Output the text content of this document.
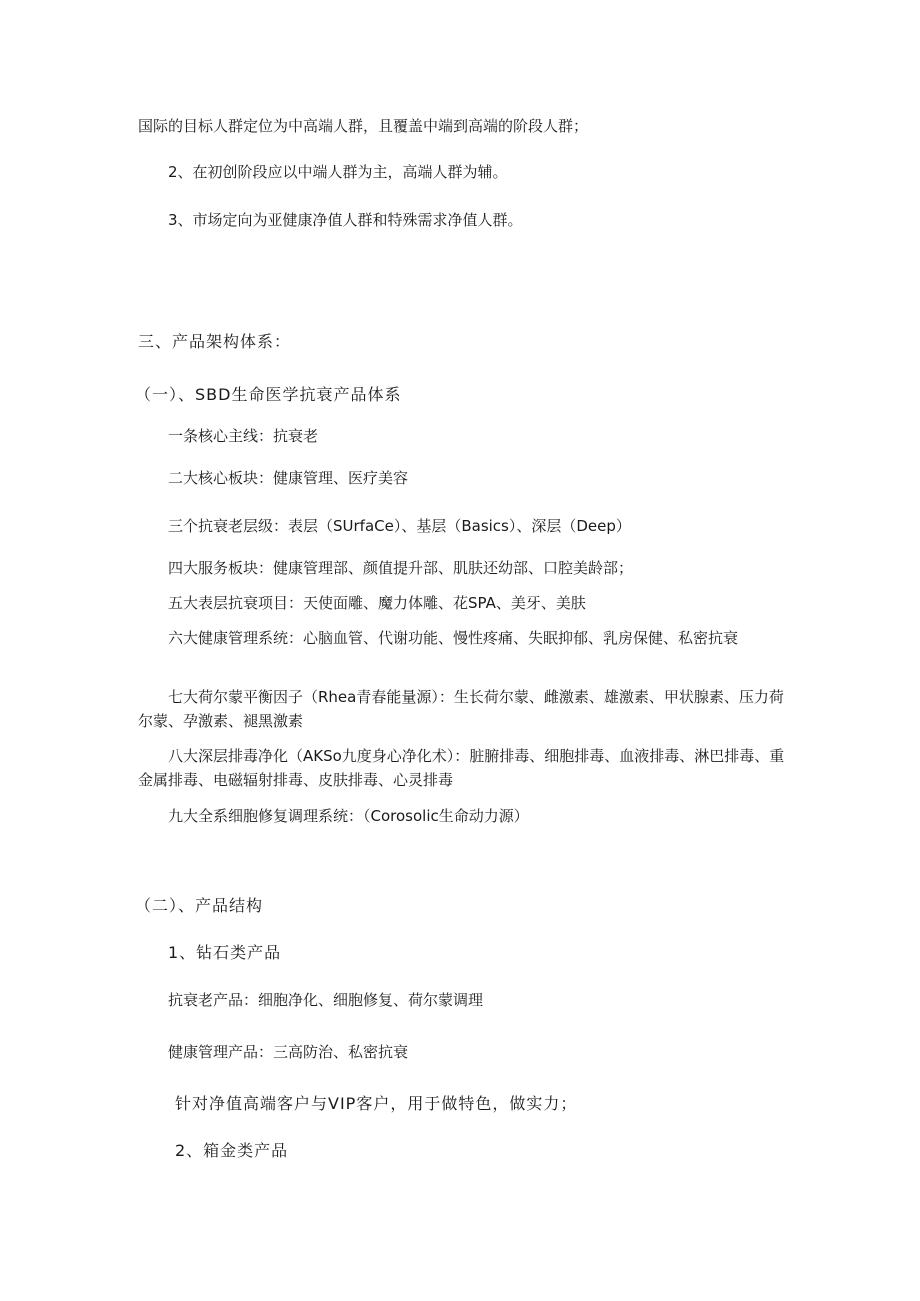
国际的目标人群定位为中高端人群，且覆盖中端到高端的阶段人群；
2、在初创阶段应以中端人群为主，高端人群为辅。
3、市场定向为亚健康净值人群和特殊需求净值人群。
三、产品架构体系：
（一）、SBD生命医学抗衰产品体系
一条核心主线：抗衰老
二大核心板块：健康管理、医疗美容
三个抗衰老层级：表层（SUrfaCe）、基层（Basics）、深层（Deep）
四大服务板块：健康管理部、颜值提升部、肌肤还幼部、口腔美龄部；
五大表层抗衰项目：天使面雕、魔力体雕、花SPA、美牙、美肤
六大健康管理系统：心脑血管、代谢功能、慢性疼痛、失眠抑郁、乳房保健、私密抗衰
七大荷尔蒙平衡因子（Rhea青春能量源）：生长荷尔蒙、雌激素、雄激素、甲状腺素、压力荷尔蒙、孕激素、褪黑激素
八大深层排毒净化（AKSo九度身心净化术）：脏腑排毒、细胞排毒、血液排毒、淋巴排毒、重金属排毒、电磁辐射排毒、皮肤排毒、心灵排毒
九大全系细胞修复调理系统：（Corosolic生命动力源）
（二）、产品结构
1、钻石类产品
抗衰老产品：细胞净化、细胞修复、荷尔蒙调理
健康管理产品：三高防治、私密抗衰
针对净值高端客户与VIP客户，用于做特色，做实力；
2、箱金类产品
